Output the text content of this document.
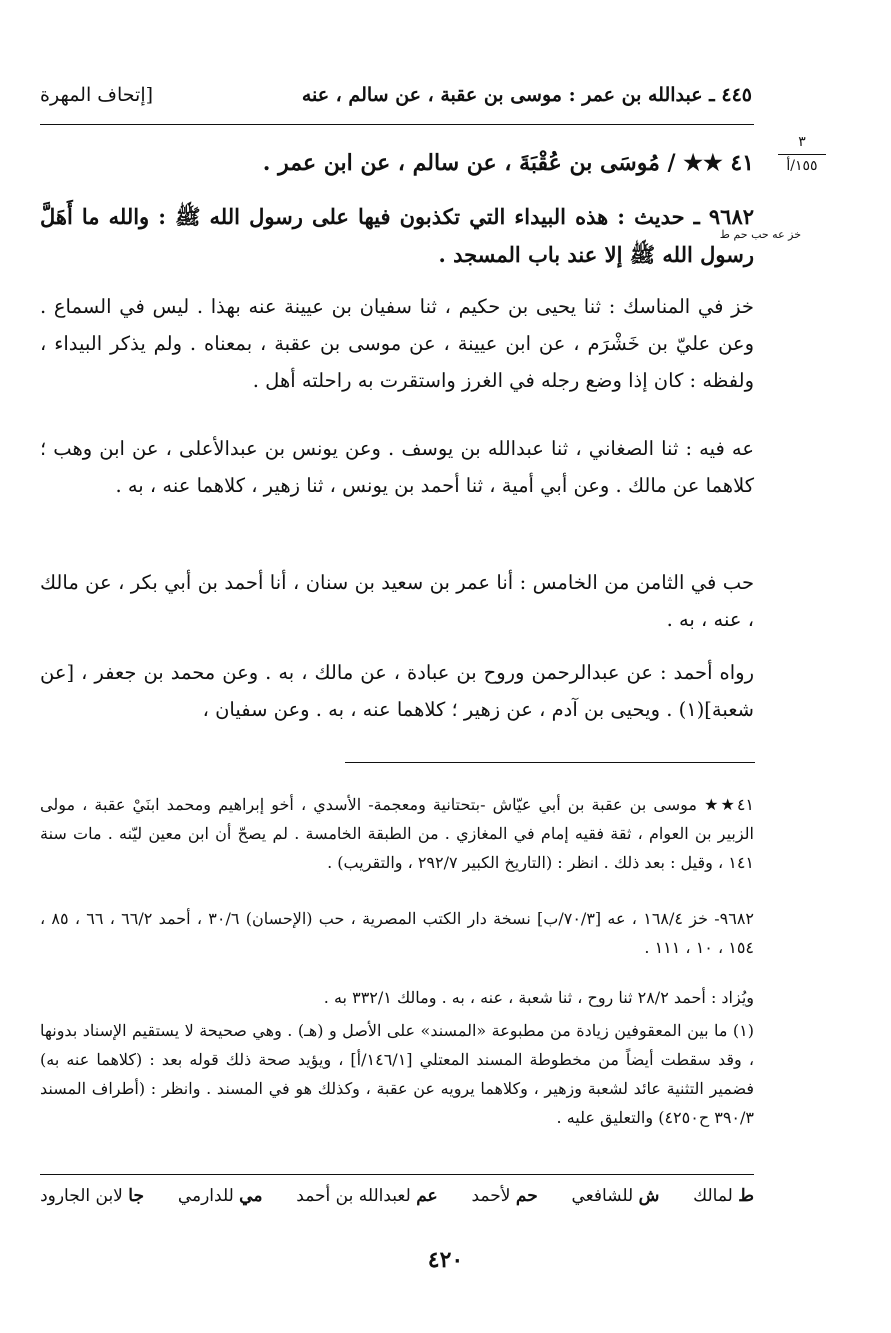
٤٤٥ ـ عبدالله بن عمر : موسى بن عقبة ، عن سالم ، عنه
[إتحاف المهرة
٣
١٥٥/أ
٤١ ★★ / مُوسَى بن عُقْبَةَ ، عن سالم ، عن ابن عمر .
٩٦٨٢ ـ حديث : هذه البيداء التي تكذبون فيها على رسول الله ﷺ : والله ما أَهَلَّ رسول الله ﷺ إلا عند باب المسجد .
خز عه حب حم ط
خز في المناسك : ثنا يحيى بن حكيم ، ثنا سفيان بن عيينة عنه بهذا . ليس في السماع . وعن عليّ بن خَشْرَم ، عن ابن عيينة ، عن موسى بن عقبة ، بمعناه . ولم يذكر البيداء ، ولفظه : كان إذا وضع رجله في الغرز واستقرت به راحلته أهل .
عه فيه : ثنا الصغاني ، ثنا عبدالله بن يوسف . وعن يونس بن عبدالأعلى ، عن ابن وهب ؛ كلاهما عن مالك . وعن أبي أمية ، ثنا أحمد بن يونس ، ثنا زهير ، كلاهما عنه ، به .
حب في الثامن من الخامس : أنا عمر بن سعيد بن سنان ، أنا أحمد بن أبي بكر ، عن مالك ، عنه ، به .
رواه أحمد : عن عبدالرحمن وروح بن عبادة ، عن مالك ، به . وعن محمد بن جعفر ، [عن شعبة](١) . ويحيى بن آدم ، عن زهير ؛ كلاهما عنه ، به . وعن سفيان ،
٤١★★ موسى بن عقبة بن أبي عيّاش -بتحتانية ومعجمة- الأسدي ، أخو إبراهيم ومحمد ابنَيْ عقبة ، مولى الزبير بن العوام ، ثقة فقيه إمام في المغازي . من الطبقة الخامسة . لم يصحّ أن ابن معين ليّنه . مات سنة ١٤١ ، وقيل : بعد ذلك . انظر : (التاريخ الكبير ٢٩٢/٧ ، والتقريب) .
٩٦٨٢- خز ١٦٨/٤ ، عه [٧٠/٣/ب] نسخة دار الكتب المصرية ، حب (الإحسان) ٣٠/٦ ، أحمد ٦٦/٢ ، ٦٦ ، ٨٥ ، ١٥٤ ، ١٠ ، ١١١ .
ويُزاد : أحمد ٢٨/٢ ثنا روح ، ثنا شعبة ، عنه ، به . ومالك ٣٣٢/١ به .
(١) ما بين المعقوفين زيادة من مطبوعة «المسند» على الأصل و (هـ) . وهي صحيحة لا يستقيم الإسناد بدونها ، وقد سقطت أيضاً من مخطوطة المسند المعتلي [١٤٦/١/أ] ، ويؤيد صحة ذلك قوله بعد : (كلاهما عنه به) فضمير التثنية عائد لشعبة وزهير ، وكلاهما يرويه عن عقبة ، وكذلك هو في المسند . وانظر : (أطراف المسند ٣٩٠/٣ ح٤٢٥٠) والتعليق عليه .
ط لمالك
ش للشافعي
حم لأحمد
عم لعبدالله بن أحمد
مي للدارمي
جا لابن الجارود
٤٢٠
